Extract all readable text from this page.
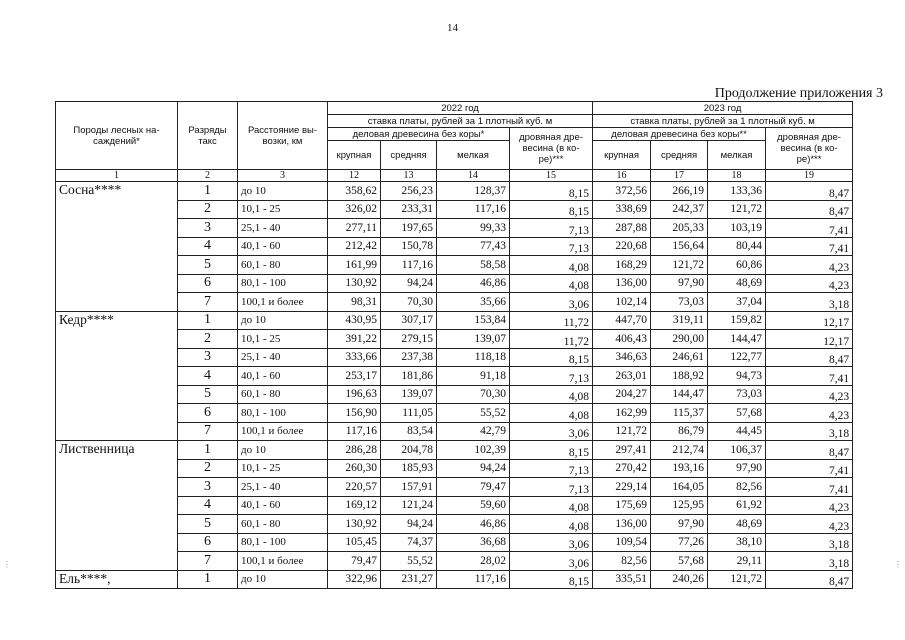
14
Продолжение приложения 3
Породы лесных на-саждений*	Разряды такс	Расстояние вы-возки, км	2022 год				2023 год			
			ставка платы, рублей за 1 плотный куб. м				ставка платы, рублей за 1 плотный куб. м			
			деловая древесина без коры*			дровяная дре-весина (в ко-ре)***	деловая древесина без коры**			дровяная дре-весина (в ко-ре)***
			крупная	средняя	мелкая		крупная	средняя	мелкая	
1	2	3	12	13	14	15	16	17	18	19
Сосна****	1	до 10	358,62	256,23	128,37	8,15	372,56	266,19	133,36	8,47
	2	10,1 - 25	326,02	233,31	117,16	8,15	338,69	242,37	121,72	8,47
	3	25,1 - 40	277,11	197,65	99,33	7,13	287,88	205,33	103,19	7,41
	4	40,1 - 60	212,42	150,78	77,43	7,13	220,68	156,64	80,44	7,41
	5	60,1 - 80	161,99	117,16	58,58	4,08	168,29	121,72	60,86	4,23
	6	80,1 - 100	130,92	94,24	46,86	4,08	136,00	97,90	48,69	4,23
	7	100,1 и более	98,31	70,30	35,66	3,06	102,14	73,03	37,04	3,18
Кедр****	1	до 10	430,95	307,17	153,84	11,72	447,70	319,11	159,82	12,17
	2	10,1 - 25	391,22	279,15	139,07	11,72	406,43	290,00	144,47	12,17
	3	25,1 - 40	333,66	237,38	118,18	8,15	346,63	246,61	122,77	8,47
	4	40,1 - 60	253,17	181,86	91,18	7,13	263,01	188,92	94,73	7,41
	5	60,1 - 80	196,63	139,07	70,30	4,08	204,27	144,47	73,03	4,23
	6	80,1 - 100	156,90	111,05	55,52	4,08	162,99	115,37	57,68	4,23
	7	100,1 и более	117,16	83,54	42,79	3,06	121,72	86,79	44,45	3,18
Лиственница	1	до 10	286,28	204,78	102,39	8,15	297,41	212,74	106,37	8,47
	2	10,1 - 25	260,30	185,93	94,24	7,13	270,42	193,16	97,90	7,41
	3	25,1 - 40	220,57	157,91	79,47	7,13	229,14	164,05	82,56	7,41
	4	40,1 - 60	169,12	121,24	59,60	4,08	175,69	125,95	61,92	4,23
	5	60,1 - 80	130,92	94,24	46,86	4,08	136,00	97,90	48,69	4,23
	6	80,1 - 100	105,45	74,37	36,68	3,06	109,54	77,26	38,10	3,18
	7	100,1 и более	79,47	55,52	28,02	3,06	82,56	57,68	29,11	3,18
Ель****,	1	до 10	322,96	231,27	117,16	8,15	335,51	240,26	121,72	8,47
⋮	⋮
